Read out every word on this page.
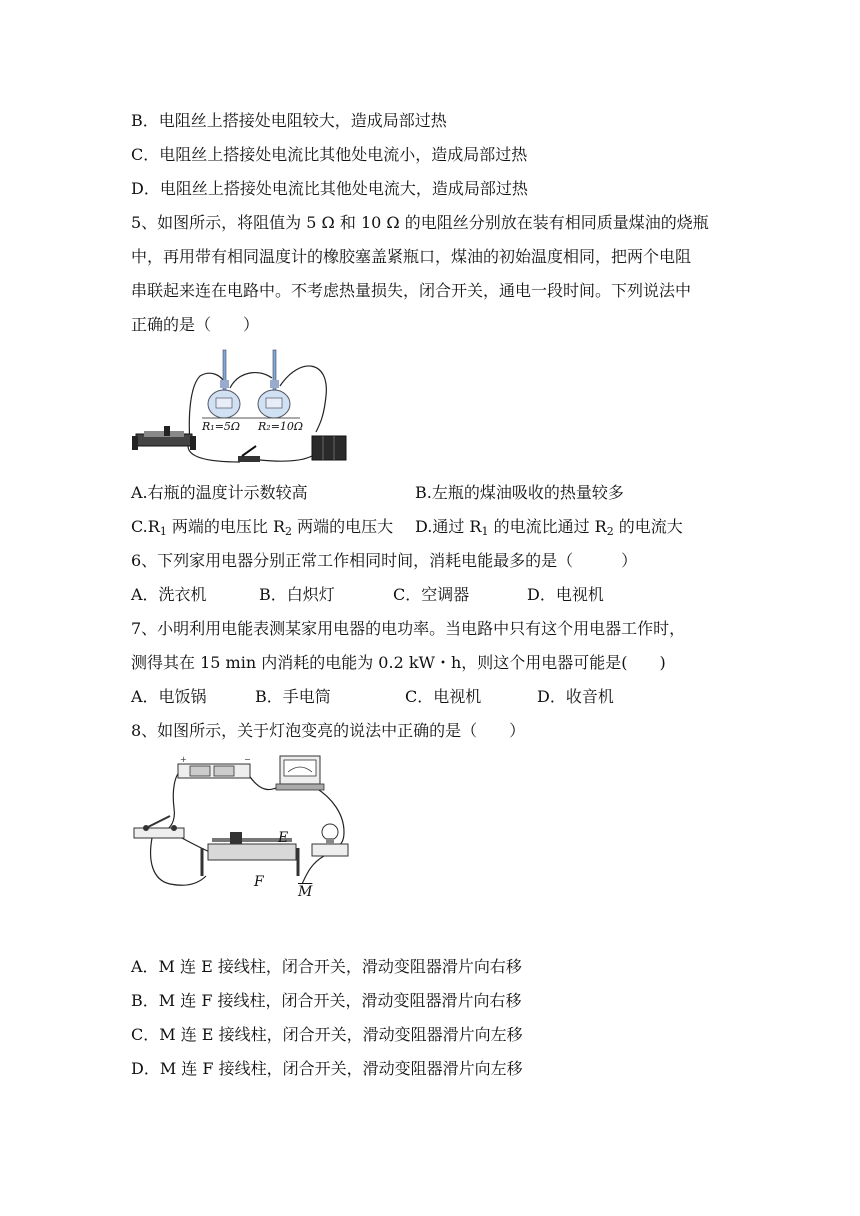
B．电阻丝上搭接处电阻较大，造成局部过热
C．电阻丝上搭接处电流比其他处电流小，造成局部过热
D．电阻丝上搭接处电流比其他处电流大，造成局部过热
5、如图所示，将阻值为 5 Ω 和 10 Ω 的电阻丝分别放在装有相同质量煤油的烧瓶
中，再用带有相同温度计的橡胶塞盖紧瓶口，煤油的初始温度相同，把两个电阻
串联起来连在电路中。不考虑热量损失，闭合开关，通电一段时间。下列说法中
正确的是（　　）
R₁=5Ω R₂=10Ω
A.右瓶的温度计示数较高	B.左瓶的煤油吸收的热量较多
$C.R_1$ 两端的电压比 $R_2$ 两端的电压大 D.通过 $R_1$ 的电流比通过 $R_2$ 的电流大
6、下列家用电器分别正常工作相同时间，消耗电能最多的是（　　　）
A．洗衣机	B．白炽灯	C．空调器	D．电视机
7、小明利用电能表测某家用电器的电功率。当电路中只有这个用电器工作时，
测得其在 15 min 内消耗的电能为 0.2 kW・h，则这个用电器可能是(　　)
A．电饭锅	B．手电筒	C．电视机	D．收音机
8、如图所示，关于灯泡变亮的说法中正确的是（　　）
+	−
E
F
$\overline{M}$
A．M 连 E 接线柱，闭合开关，滑动变阻器滑片向右移
B．M 连 F 接线柱，闭合开关，滑动变阻器滑片向右移
C．M 连 E 接线柱，闭合开关，滑动变阻器滑片向左移
D．M 连 F 接线柱，闭合开关，滑动变阻器滑片向左移
